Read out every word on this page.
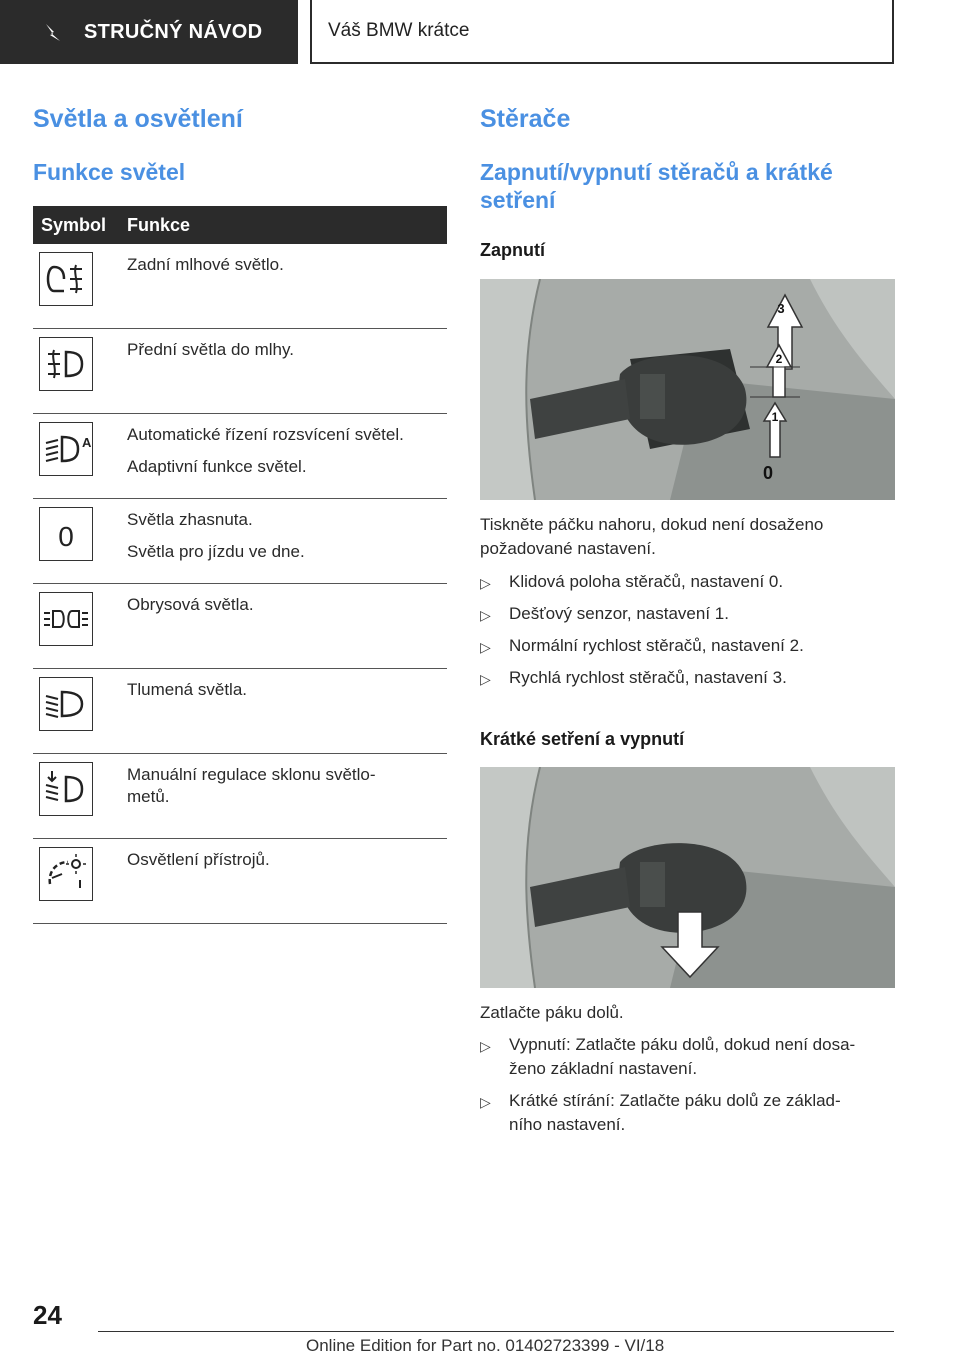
STRUČNÝ NÁVOD	Váš BMW krátce
Světla a osvětlení
Funkce světel
Symbol	Funkce

Zadní mlhové světlo.

Přední světla do mlhy.

A	Automatické řízení rozsvícení světel.

Adaptivní funkce světel.

0	Světla zhasnuta.

Světla pro jízdu ve dne.

Obrysová světla.

Tlumená světla.

Manuální regulace sklonu světlo-
metů.

Osvětlení přístrojů.

Stěrače
Zapnutí/vypnutí stěračů a krátké setření
Zapnutí
3
2
1
0
Tiskněte páčku nahoru, dokud není dosaženo požadované nastavení.
▷ Klidová poloha stěračů, nastavení 0.
▷ Dešťový senzor, nastavení 1.
▷ Normální rychlost stěračů, nastavení 2.
▷ Rychlá rychlost stěračů, nastavení 3.
Krátké setření a vypnutí
Zatlačte páku dolů.
▷ Vypnutí: Zatlačte páku dolů, dokud není dosa-
ženo základní nastavení.
▷ Krátké stírání: Zatlačte páku dolů ze základ-
ního nastavení.
24
Online Edition for Part no. 01402723399 - VI/18
